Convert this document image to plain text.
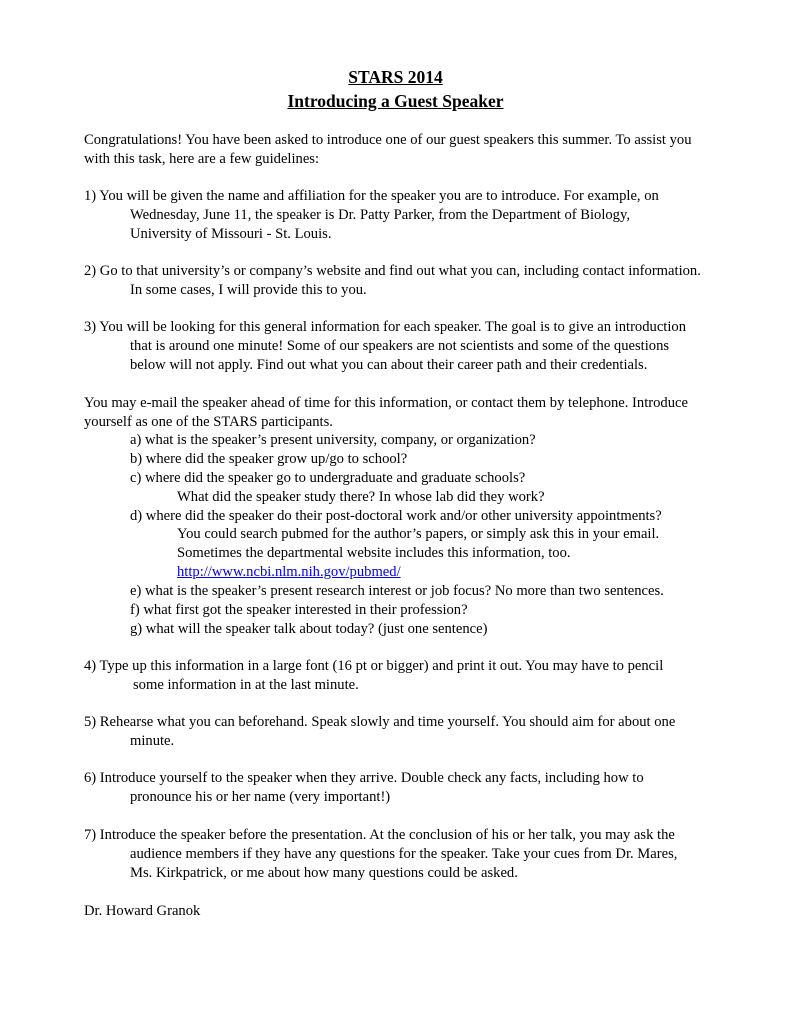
STARS 2014
Introducing a Guest Speaker
Congratulations! You have been asked to introduce one of our guest speakers this summer. To assist you
with this task, here are a few guidelines:
1) You will be given the name and affiliation for the speaker you are to introduce. For example, on
Wednesday, June 11, the speaker is Dr. Patty Parker, from the Department of Biology,
University of Missouri - St. Louis.
2) Go to that university’s or company’s website and find out what you can, including contact information.
In some cases, I will provide this to you.
3) You will be looking for this general information for each speaker. The goal is to give an introduction
that is around one minute! Some of our speakers are not scientists and some of the questions
below will not apply. Find out what you can about their career path and their credentials.
You may e-mail the speaker ahead of time for this information, or contact them by telephone. Introduce
yourself as one of the STARS participants.
a) what is the speaker’s present university, company, or organization?
b) where did the speaker grow up/go to school?
c) where did the speaker go to undergraduate and graduate schools?
What did the speaker study there? In whose lab did they work?
d) where did the speaker do their post-doctoral work and/or other university appointments?
You could search pubmed for the author’s papers, or simply ask this in your email.
Sometimes the departmental website includes this information, too.
http://www.ncbi.nlm.nih.gov/pubmed/
e) what is the speaker’s present research interest or job focus? No more than two sentences.
f) what first got the speaker interested in their profession?
g) what will the speaker talk about today? (just one sentence)
4) Type up this information in a large font (16 pt or bigger) and print it out. You may have to pencil
some information in at the last minute.
5) Rehearse what you can beforehand. Speak slowly and time yourself. You should aim for about one
minute.
6) Introduce yourself to the speaker when they arrive. Double check any facts, including how to
pronounce his or her name (very important!)
7) Introduce the speaker before the presentation. At the conclusion of his or her talk, you may ask the
audience members if they have any questions for the speaker. Take your cues from Dr. Mares,
Ms. Kirkpatrick, or me about how many questions could be asked.
Dr. Howard Granok
